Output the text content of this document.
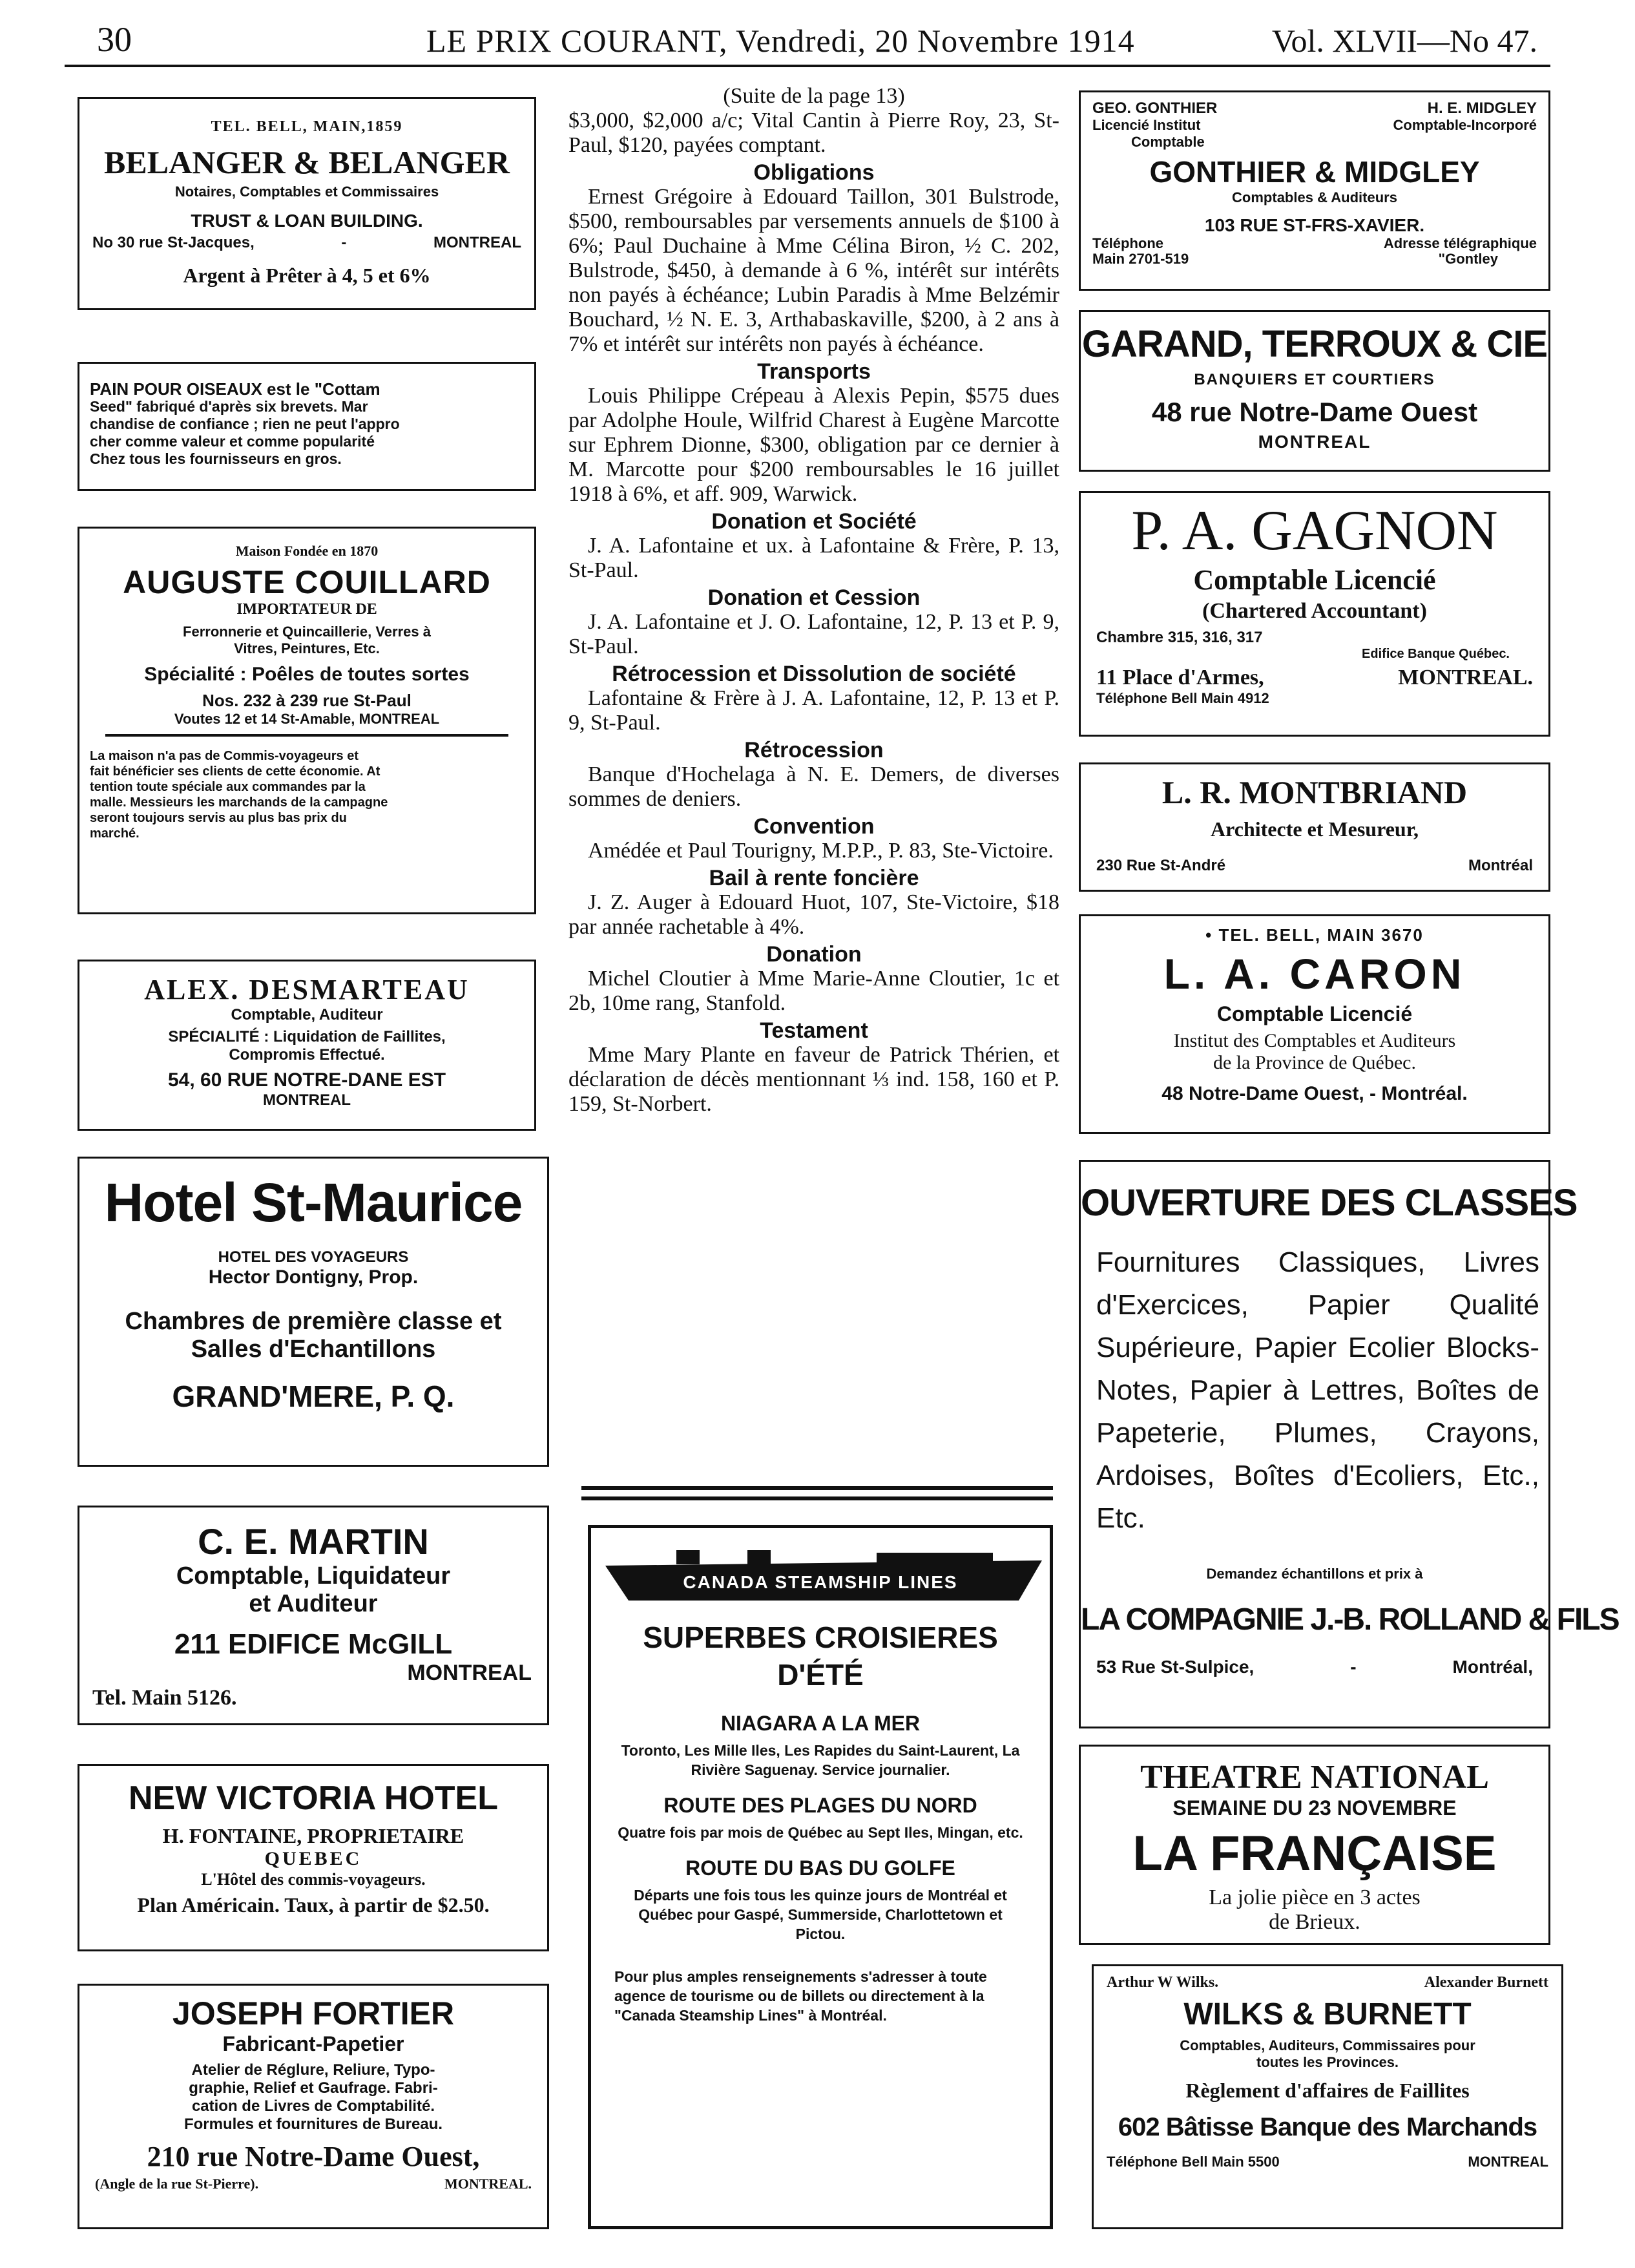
30	LE PRIX COURANT, Vendredi, 20 Novembre 1914	Vol. XLVII—No 47.
TEL. BELL, MAIN,1859
BELANGER & BELANGER
Notaires, Comptables et Commissaires
TRUST & LOAN BUILDING.
No 30 rue St-Jacques,	-	MONTREAL
Argent à Prêter à 4, 5 et 6%
PAIN POUR OISEAUX est le "Cottam
Seed" fabriqué d'après six brevets. Mar
chandise de confiance ; rien ne peut l'appro
cher comme valeur et comme popularité
Chez tous les fournisseurs en gros.
Maison Fondée en 1870
AUGUSTE COUILLARD
IMPORTATEUR DE
Ferronnerie et Quincaillerie, Verres à
Vitres, Peintures, Etc.
Spécialité : Poêles de toutes sortes
Nos. 232 à 239 rue St-Paul
Voutes 12 et 14 St-Amable, MONTREAL
La maison n'a pas de Commis-voyageurs et
fait bénéficier ses clients de cette économie. At
tention toute spéciale aux commandes par la
malle. Messieurs les marchands de la campagne
seront toujours servis au plus bas prix du
marché.
ALEX. DESMARTEAU
Comptable, Auditeur
SPÉCIALITÉ : Liquidation de Faillites,
Compromis Effectué.
54, 60 RUE NOTRE-DANE EST
MONTREAL
Hotel St-Maurice
HOTEL DES VOYAGEURS
Hector Dontigny, Prop.
Chambres de première classe et
Salles d'Echantillons
GRAND'MERE, P. Q.
C. E. MARTIN
Comptable, Liquidateur
et Auditeur
211 EDIFICE McGILL
MONTREAL
Tel. Main 5126.
NEW VICTORIA HOTEL
H. FONTAINE, PROPRIETAIRE
QUEBEC
L'Hôtel des commis-voyageurs.
Plan Américain. Taux, à partir de $2.50.
JOSEPH FORTIER
Fabricant-Papetier
Atelier de Réglure, Reliure, Typo-
graphie, Relief et Gaufrage. Fabri-
cation de Livres de Comptabilité.
Formules et fournitures de Bureau.
210 rue Notre-Dame Ouest,
(Angle de la rue St-Pierre).	MONTREAL.
(Suite de la page 13)

$3,000, $2,000 a/c; Vital Cantin à Pierre Roy, 23, St-Paul, $120, payées comptant.

Obligations

Ernest Grégoire à Edouard Taillon, 301 Bulstrode, $500, remboursables par versements annuels de $100 à 6%; Paul Duchaine à Mme Célina Biron, ½ C. 202, Bulstrode, $450, à demande à 6 %, intérêt sur intérêts non payés à échéance; Lubin Paradis à Mme Belzémir Bouchard, ½ N. E. 3, Arthabaskaville, $200, à 2 ans à 7% et intérêt sur intérêts non payés à échéance.

Transports

Louis Philippe Crépeau à Alexis Pepin, $575 dues par Adolphe Houle, Wilfrid Charest à Eugène Marcotte sur Ephrem Dionne, $300, obligation par ce dernier à M. Marcotte pour $200 remboursables le 16 juillet 1918 à 6%, et aff. 909, Warwick.

Donation et Société

J. A. Lafontaine et ux. à Lafontaine & Frère, P. 13, St-Paul.

Donation et Cession

J. A. Lafontaine et J. O. Lafontaine, 12, P. 13 et P. 9, St-Paul.

Rétrocession et Dissolution de société

Lafontaine & Frère à J. A. Lafontaine, 12, P. 13 et P. 9, St-Paul.

Rétrocession

Banque d'Hochelaga à N. E. Demers, de diverses sommes de deniers.

Convention

Amédée et Paul Tourigny, M.P.P., P. 83, Ste-Victoire.

Bail à rente foncière

J. Z. Auger à Edouard Huot, 107, Ste-Victoire, $18 par année rachetable à 4%.

Donation

Michel Cloutier à Mme Marie-Anne Cloutier, 1c et 2b, 10me rang, Stanfold.

Testament

Mme Mary Plante en faveur de Patrick Thérien, et déclaration de décès mentionnant ⅓ ind. 158, 160 et P. 159, St-Norbert.

CANADA STEAMSHIP LINES
SUPERBES CROISIERES
D'ÉTÉ
NIAGARA A LA MER
Toronto, Les Mille Iles, Les Rapides du Saint-Laurent, La Rivière Saguenay. Service journalier.
ROUTE DES PLAGES DU NORD
Quatre fois par mois de Québec au Sept Iles, Mingan, etc.
ROUTE DU BAS DU GOLFE
Départs une fois tous les quinze jours de Montréal et Québec pour Gaspé, Summerside, Charlottetown et Pictou.
Pour plus amples renseignements s'adresser à toute agence de tourisme ou de billets ou directement à la "Canada Steamship Lines" à Montréal.
GEO. GONTHIER	H. E. MIDGLEY
Licencié Institut	Comptable-Incorporé
Comptable
GONTHIER & MIDGLEY
Comptables & Auditeurs
103 RUE ST-FRS-XAVIER.
Téléphone	Adresse télégraphique
Main 2701-519	"Gontley
GARAND, TERROUX & CIE
BANQUIERS ET COURTIERS
48 rue Notre-Dame Ouest
MONTREAL
P. A. GAGNON
Comptable Licencié
(Chartered Accountant)
Chambre 315, 316, 317
Edifice Banque Québec.
11 Place d'Armes,	MONTREAL.
Téléphone Bell Main 4912
L. R. MONTBRIAND
Architecte et Mesureur,
230 Rue St-André	Montréal
• TEL. BELL, MAIN 3670
L. A. CARON
Comptable Licencié
Institut des Comptables et Auditeurs
de la Province de Québec.
48 Notre-Dame Ouest, - Montréal.
OUVERTURE DES CLASSES
Fournitures Classiques, Livres d'Exercices, Papier Qualité Supérieure, Papier Ecolier Blocks-Notes, Papier à Lettres, Boîtes de Papeterie, Plumes, Crayons, Ardoises, Boîtes d'Ecoliers, Etc., Etc.
Demandez échantillons et prix à
LA COMPAGNIE J.-B. ROLLAND & FILS
53 Rue St-Sulpice,	-	Montréal,
THEATRE NATIONAL
SEMAINE DU 23 NOVEMBRE
LA FRANÇAISE
La jolie pièce en 3 actes
de Brieux.
Arthur W Wilks.	Alexander Burnett
WILKS & BURNETT
Comptables, Auditeurs, Commissaires pour
toutes les Provinces.
Règlement d'affaires de Faillites
602 Bâtisse Banque des Marchands
Téléphone Bell Main 5500	MONTREAL
